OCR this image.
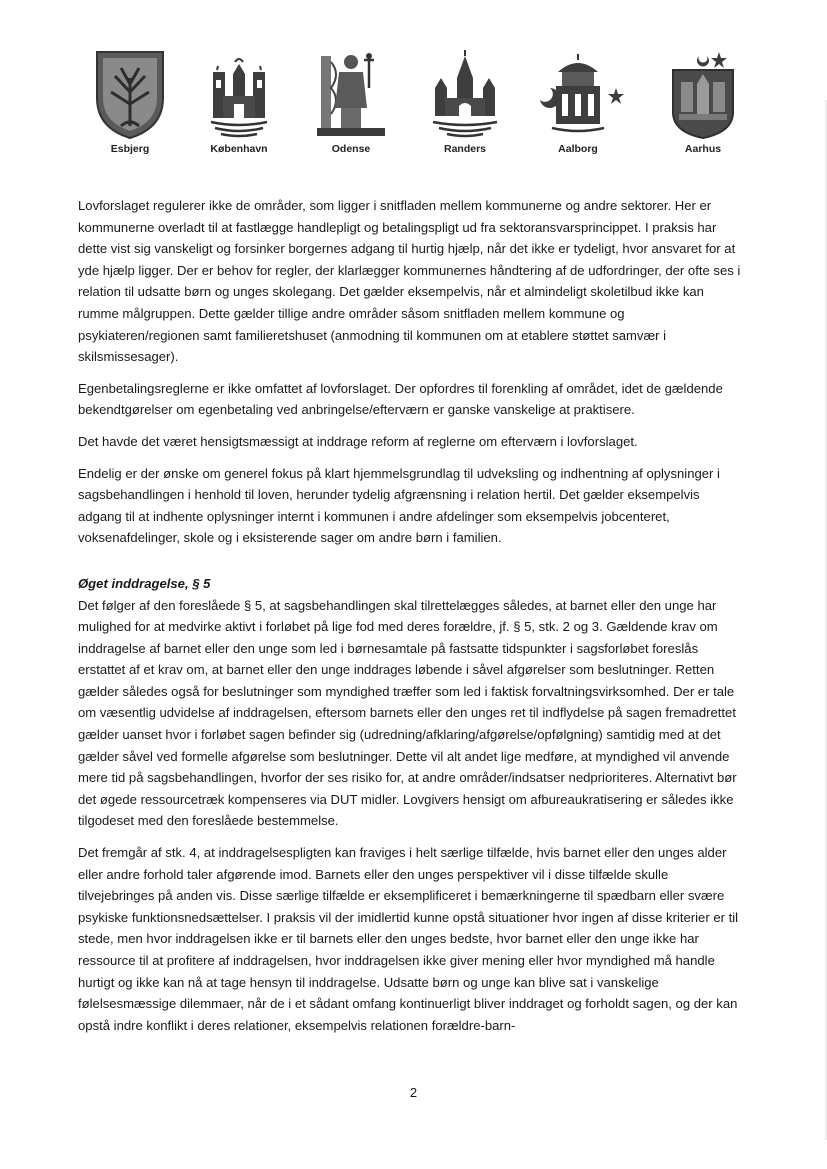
Esbjerg	København	Odense	Randers	Aalborg	Aarhus

Lovforslaget regulerer ikke de områder, som ligger i snitfladen mellem kommunerne og andre sektorer. Her er kommunerne overladt til at fastlægge handlepligt og betalingspligt ud fra sektoransvarsprincippet. I praksis har dette vist sig vanskeligt og forsinker borgernes adgang til hurtig hjælp, når det ikke er tydeligt, hvor ansvaret for at yde hjælp ligger. Der er behov for regler, der klarlægger kommunernes håndtering af de udfordringer, der ofte ses i relation til udsatte børn og unges skolegang. Det gælder eksempelvis, når et almindeligt skoletilbud ikke kan rumme målgruppen. Dette gælder tillige andre områder såsom snitfladen mellem kommune og psykiateren/regionen samt familieretshuset (anmodning til kommunen om at etablere støttet samvær i skilsmissesager).

Egenbetalingsreglerne er ikke omfattet af lovforslaget. Der opfordres til forenkling af området, idet de gældende bekendtgørelser om egenbetaling ved anbringelse/efterværn er ganske vanskelige at praktisere.

Det havde det været hensigtsmæssigt at inddrage reform af reglerne om efterværn i lovforslaget.

Endelig er der ønske om generel fokus på klart hjemmelsgrundlag til udveksling og indhentning af oplysninger i sagsbehandlingen i henhold til loven, herunder tydelig afgrænsning i relation hertil. Det gælder eksempelvis adgang til at indhente oplysninger internt i kommunen i andre afdelinger som eksempelvis jobcenteret, voksenafdelinger, skole og i eksisterende sager om andre børn i familien.

Øget inddragelse, § 5

Det følger af den foreslåede § 5, at sagsbehandlingen skal tilrettelægges således, at barnet eller den unge har mulighed for at medvirke aktivt i forløbet på lige fod med deres forældre, jf. § 5, stk. 2 og 3. Gældende krav om inddragelse af barnet eller den unge som led i børnesamtale på fastsatte tidspunkter i sagsforløbet foreslås erstattet af et krav om, at barnet eller den unge inddrages løbende i såvel afgørelser som beslutninger. Retten gælder således også for beslutninger som myndighed træffer som led i faktisk forvaltningsvirksomhed. Der er tale om væsentlig udvidelse af inddragelsen, eftersom barnets eller den unges ret til indflydelse på sagen fremadrettet gælder uanset hvor i forløbet sagen befinder sig (udredning/afklaring/afgørelse/opfølgning) samtidig med at det gælder såvel ved formelle afgørelse som beslutninger. Dette vil alt andet lige medføre, at myndighed vil anvende mere tid på sagsbehandlingen, hvorfor der ses risiko for, at andre områder/indsatser nedprioriteres. Alternativt bør det øgede ressourcetræk kompenseres via DUT midler. Lovgivers hensigt om afbureaukratisering er således ikke tilgodeset med den foreslåede bestemmelse.

Det fremgår af stk. 4, at inddragelsespligten kan fraviges i helt særlige tilfælde, hvis barnet eller den unges alder eller andre forhold taler afgørende imod. Barnets eller den unges perspektiver vil i disse tilfælde skulle tilvejebringes på anden vis. Disse særlige tilfælde er eksemplificeret i bemærkningerne til spædbarn eller svære psykiske funktionsnedsættelser. I praksis vil der imidlertid kunne opstå situationer hvor ingen af disse kriterier er til stede, men hvor inddragelsen ikke er til barnets eller den unges bedste, hvor barnet eller den unge ikke har ressource til at profitere af inddragelsen, hvor inddragelsen ikke giver mening eller hvor myndighed må handle hurtigt og ikke kan nå at tage hensyn til inddragelse. Udsatte børn og unge kan blive sat i vanskelige følelsesmæssige dilemmaer, når de i et sådant omfang kontinuerligt bliver inddraget og forholdt sagen, og der kan opstå indre konflikt i deres relationer, eksempelvis relationen forældre-barn-

2
